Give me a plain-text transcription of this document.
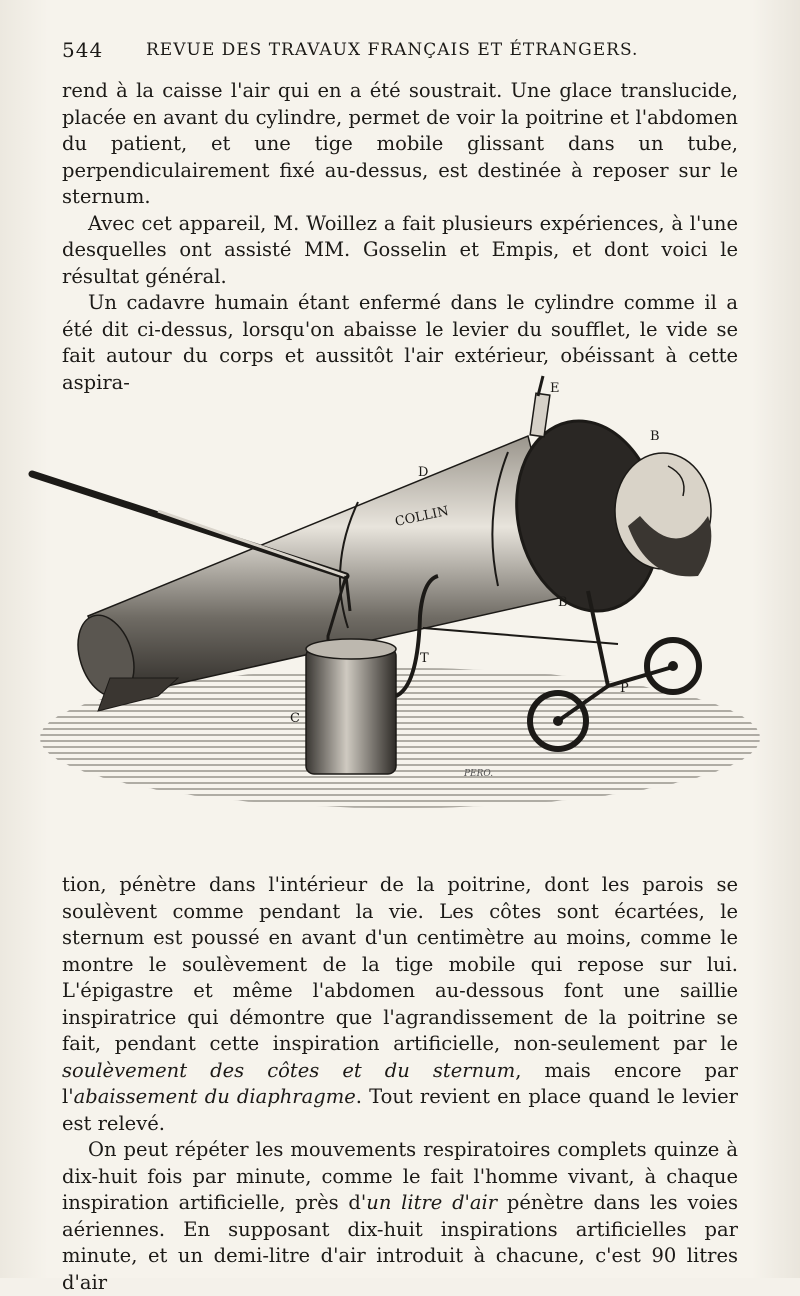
544	REVUE DES TRAVAUX FRANÇAIS ET ÉTRANGERS.

rend à la caisse l'air qui en a été soustrait. Une glace translucide, placée en avant du cylindre, permet de voir la poitrine et l'abdomen du patient, et une tige mobile glissant dans un tube, perpendiculairement fixé au-dessus, est destinée à reposer sur le sternum.

Avec cet appareil, M. Woillez a fait plusieurs expériences, à l'une desquelles ont assisté MM. Gosselin et Empis, et dont voici le résultat général.

Un cadavre humain étant enfermé dans le cylindre comme il a été dit ci-dessus, lorsqu'on abaisse le levier du soufflet, le vide se fait autour du corps et aussitôt l'air extérieur, obéissant à cette aspira-

COLLIN
E
B
D
B
T
C
P
PERO.

tion, pénètre dans l'intérieur de la poitrine, dont les parois se soulèvent comme pendant la vie. Les côtes sont écartées, le sternum est poussé en avant d'un centimètre au moins, comme le montre le soulèvement de la tige mobile qui repose sur lui. L'épigastre et même l'abdomen au-dessous font une saillie inspiratrice qui démontre que l'agrandissement de la poitrine se fait, pendant cette inspiration artificielle, non-seulement par le soulèvement des côtes et du sternum, mais encore par l'abaissement du diaphragme. Tout revient en place quand le levier est relevé.

On peut répéter les mouvements respiratoires complets quinze à dix-huit fois par minute, comme le fait l'homme vivant, à chaque inspiration artificielle, près d'un litre d'air pénètre dans les voies aériennes. En supposant dix-huit inspirations artificielles par minute, et un demi-litre d'air introduit à chacune, c'est 90 litres d'air
